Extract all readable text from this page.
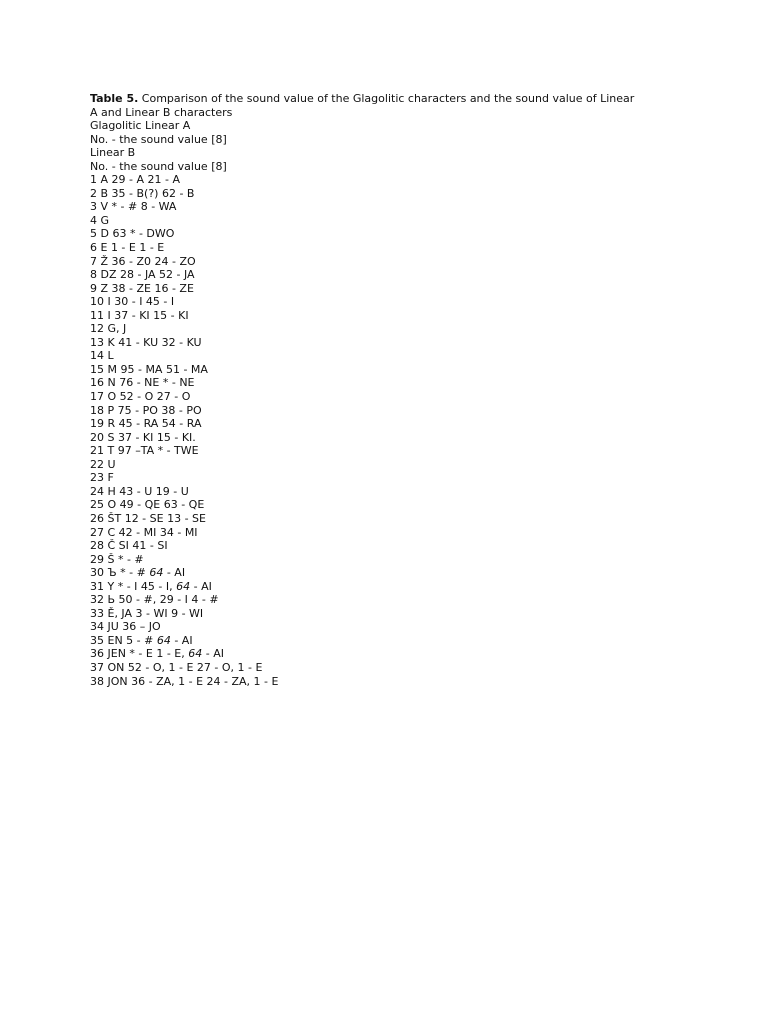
Table 5. Comparison of the sound value of the Glagolitic characters and the sound value of Linear
A and Linear B characters
Glagolitic Linear A
No. - the sound value [8]
Linear B
No. - the sound value [8]
1 A 29 - A 21 - A
2 B 35 - B(?) 62 - B
3 V * - # 8 - WA
4 G
5 D 63 * - DWO
6 E 1 - E 1 - E
7 Ž 36 - Z0 24 - ZO
8 DZ 28 - JA 52 - JA
9 Z 38 - ZE 16 - ZE
10 I 30 - I 45 - I
11 I 37 - KI 15 - KI
12 G, J
13 K 41 - KU 32 - KU
14 L
15 M 95 - MA 51 - MA
16 N 76 - NE * - NE
17 O 52 - O 27 - O
18 P 75 - PO 38 - PO
19 R 45 - RA 54 - RA
20 S 37 - KI 15 - KI.
21 T 97 –TA * - TWE
22 U
23 F
24 H 43 - U 19 - U
25 O 49 - QE 63 - QE
26 ŠT 12 - SE 13 - SE
27 C 42 - MI 34 - MI
28 Č SI 41 - SI
29 Š * - #
30 Ъ * - # 64 - AI
31 Y * - I 45 - I, 64 - AI
32 Ь 50 - #, 29 - I 4 - #
33 Ě, JA 3 - WI 9 - WI
34 JU 36 – JO
35 EN 5 - # 64 - AI
36 JEN * - E 1 - E, 64 - AI
37 ON 52 - O, 1 - E 27 - O, 1 - E
38 JON 36 - ZA, 1 - E 24 - ZA, 1 - E
